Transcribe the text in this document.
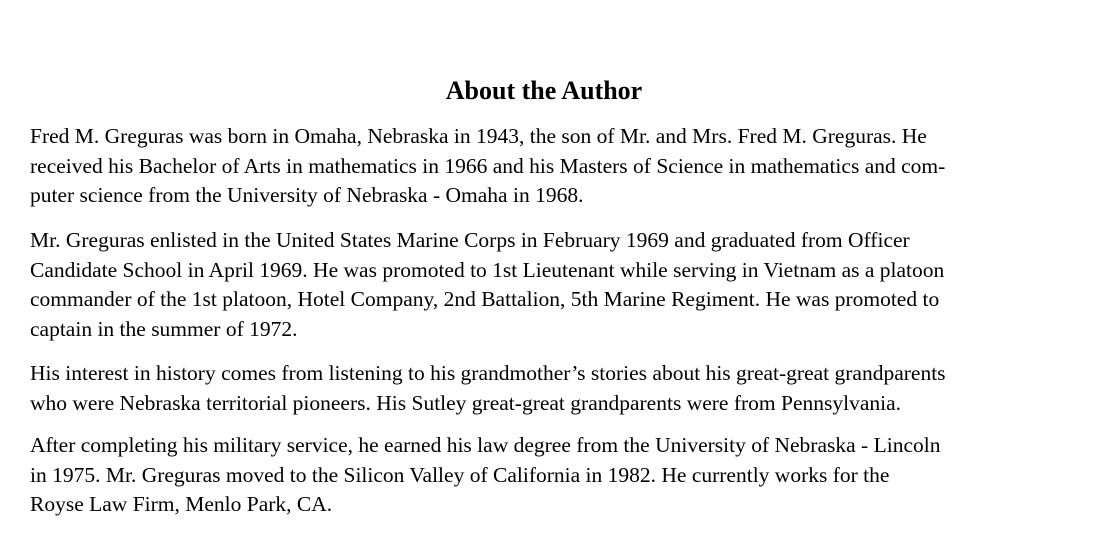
About the Author
Fred M. Greguras was born in Omaha, Nebraska in 1943, the son of Mr. and Mrs. Fred M. Greguras. He
received his Bachelor of Arts in mathematics in 1966 and his Masters of Science in mathematics and com-
puter science from the University of Nebraska - Omaha in 1968.
Mr. Greguras enlisted in the United States Marine Corps in February 1969 and graduated from Officer
Candidate School in April 1969. He was promoted to 1st Lieutenant while serving in Vietnam as a platoon
commander of the 1st platoon, Hotel Company, 2nd Battalion, 5th Marine Regiment. He was promoted to
captain in the summer of 1972.
His interest in history comes from listening to his grandmother’s stories about his great-great grandparents
who were Nebraska territorial pioneers. His Sutley great-great grandparents were from Pennsylvania.
After completing his military service, he earned his law degree from the University of Nebraska - Lincoln
in 1975. Mr. Greguras moved to the Silicon Valley of California in 1982. He currently works for the
Royse Law Firm, Menlo Park, CA.
